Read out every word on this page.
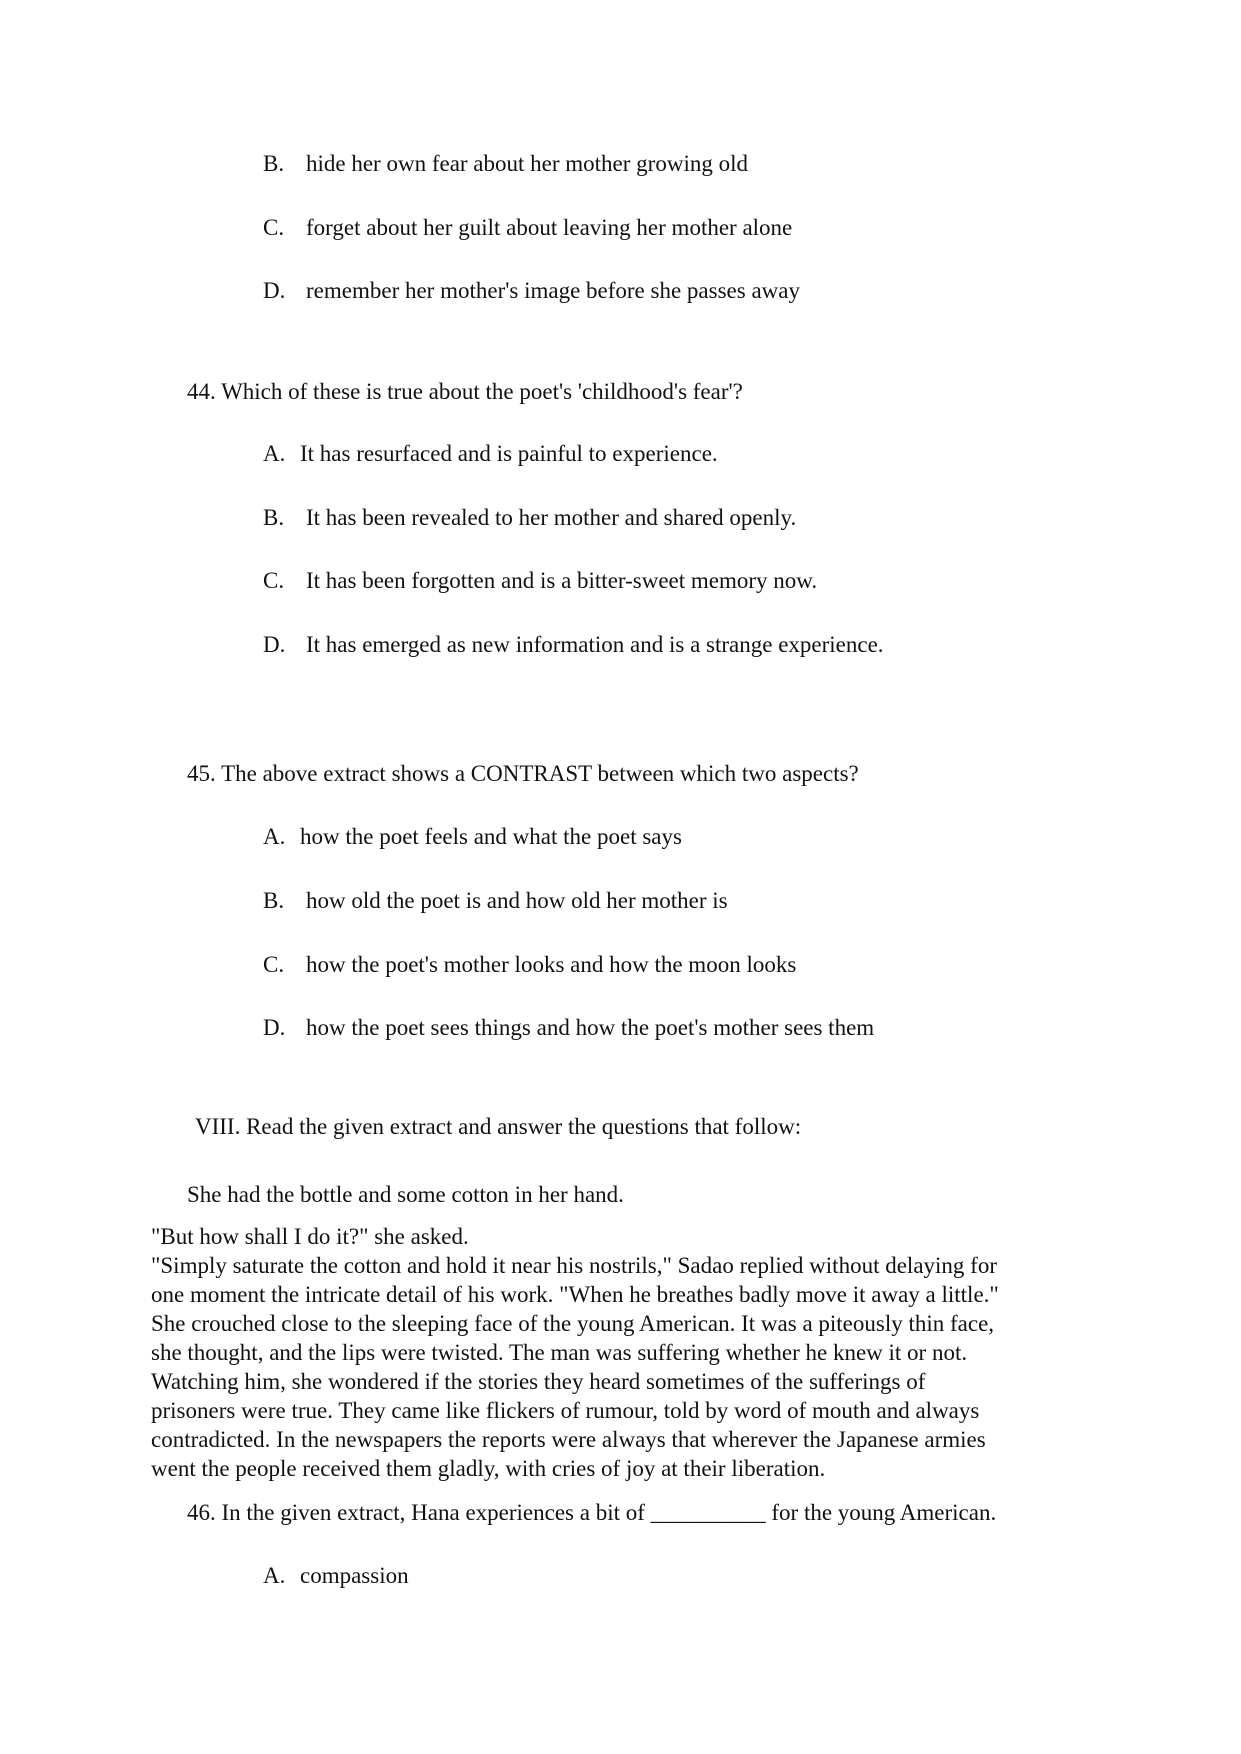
B. hide her own fear about her mother growing old
C. forget about her guilt about leaving her mother alone
D. remember her mother's image before she passes away
44. Which of these is true about the poet's 'childhood's fear'?
A. It has resurfaced and is painful to experience.
B. It has been revealed to her mother and shared openly.
C. It has been forgotten and is a bitter-sweet memory now.
D. It has emerged as new information and is a strange experience.
45. The above extract shows a CONTRAST between which two aspects?
A. how the poet feels and what the poet says
B. how old the poet is and how old her mother is
C. how the poet's mother looks and how the moon looks
D. how the poet sees things and how the poet's mother sees them
VIII. Read the given extract and answer the questions that follow:
She had the bottle and some cotton in her hand.

"But how shall I do it?" she asked.

"Simply saturate the cotton and hold it near his nostrils," Sadao replied without delaying for

one moment the intricate detail of his work. "When he breathes badly move it away a little."

She crouched close to the sleeping face of the young American. It was a piteously thin face,

she thought, and the lips were twisted. The man was suffering whether he knew it or not.

Watching him, she wondered if the stories they heard sometimes of the sufferings of

prisoners were true. They came like flickers of rumour, told by word of mouth and always

contradicted. In the newspapers the reports were always that wherever the Japanese armies

went the people received them gladly, with cries of joy at their liberation.

46. In the given extract, Hana experiences a bit of __________ for the young American.
A. compassion
